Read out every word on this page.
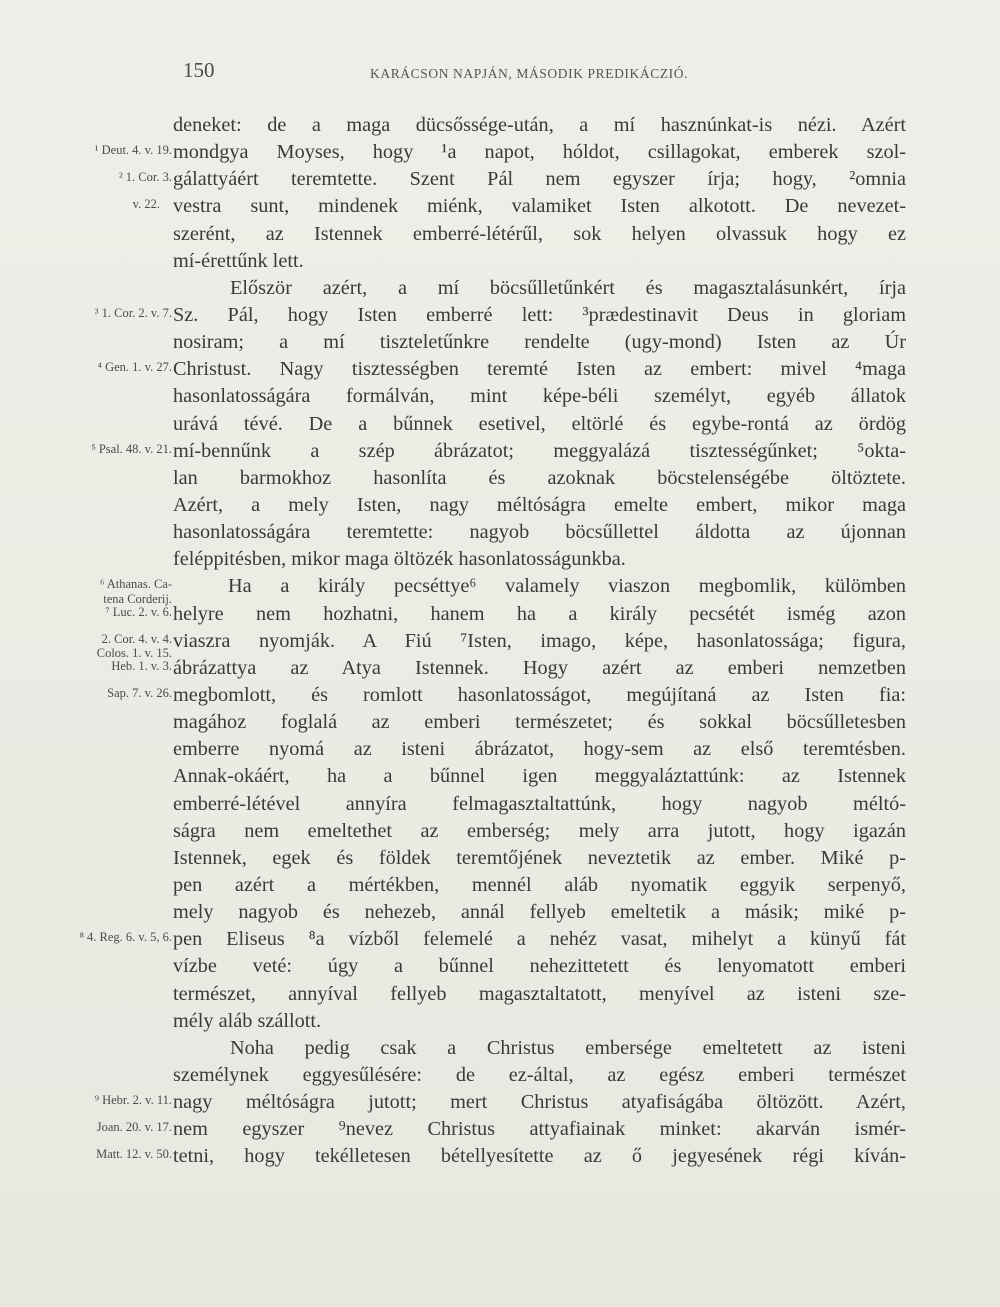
150	KARÁCSON NAPJÁN, MÁSODIK PREDIKÁCZIÓ.
deneket: de a maga dücsőssége-után, a mí hasznúnkat-is nézi. Azért
¹ Deut. 4. v. 19. mondgya Moyses, hogy ¹a napot, hóldot, csillagokat, emberek szol-
² 1. Cor. 3. gálattyáért teremtette. Szent Pál nem egyszer írja; hogy, ²omnia
v. 22. vestra sunt, mindenek miénk, valamiket Isten alkotott. De nevezet-
szerént, az Istennek emberré-létérűl, sok helyen olvassuk hogy ez
mí-érettűnk lett.
Először azért, a mí böcsűlletűnkért és magasztalásunkért, írja
³ 1. Cor. 2. v. 7. Sz. Pál, hogy Isten emberré lett: ³prædestinavit Deus in gloriam
nosiram; a mí tiszteletűnkre rendelte (ugy-mond) Isten az Úr
⁴ Gen. 1. v. 27. Christust. Nagy tisztességben teremté Isten az embert: mivel ⁴maga
hasonlatosságára formálván, mint képe-béli személyt, egyéb állatok
urává tévé. De a bűnnek esetivel, eltörlé és egybe-rontá az ördög
⁵ Psal. 48. v. 21. mí-bennűnk a szép ábrázatot; meggyalázá tisztességűnket; ⁵okta-
lan barmokhoz hasonlíta és azoknak böcstelenségébe öltöztete.
Azért, a mely Isten, nagy méltóságra emelte embert, mikor maga
hasonlatosságára teremtette: nagyob böcsűllettel áldotta az újonnan
feléppitésben, mikor maga öltözék hasonlatosságunkba.
⁶ Athanas. Ca-	Ha a király pecséttye⁶ valamely viaszon megbomlik, külömben
tena Corderij.
⁷ Luc. 2. v. 6. helyre nem hozhatni, hanem ha a király pecsétét ismég azon
2. Cor. 4. v. 4. viaszra nyomják. A Fiú ⁷Isten, imago, képe, hasonlatossága; figura,
Colos. 1. v. 15.
Heb. 1. v. 3. ábrázattya az Atya Istennek. Hogy azért az emberi nemzetben
Sap. 7. v. 26. megbomlott, és romlott hasonlatosságot, megújítaná az Isten fia:
magához foglalá az emberi természetet; és sokkal böcsűlletesben
emberre nyomá az isteni ábrázatot, hogy-sem az első teremtésben.
Annak-okáért, ha a bűnnel igen meggyaláztattúnk: az Istennek
emberré-létével annyíra felmagasztaltattúnk, hogy nagyob méltó-
ságra nem emeltethet az emberség; mely arra jutott, hogy igazán
Istennek, egek és földek teremtőjének neveztetik az ember. Miké p-
pen azért a mértékben, mennél aláb nyomatik eggyik serpenyő,
mely nagyob és nehezeb, annál fellyeb emeltetik a másik; miké p-
⁸ 4. Reg. 6. v. 5, 6. pen Eliseus ⁸a vízből felemelé a nehéz vasat, mihelyt a künyű fát
vízbe veté: úgy a bűnnel nehezittetett és lenyomatott emberi
természet, annyíval fellyeb magasztaltatott, menyível az isteni sze-
mély aláb szállott.
Noha pedig csak a Christus embersége emeltetett az isteni
személynek eggyesűlésére: de ez-által, az egész emberi természet
⁹ Hebr. 2. v. 11. nagy méltóságra jutott; mert Christus atyafiságába öltözött. Azért,
Joan. 20. v. 17. nem egyszer ⁹nevez Christus attyafiainak minket: akarván ismér-
Matt. 12. v. 50. tetni, hogy tekélletesen bétellyesítette az ő jegyesének régi kíván-
